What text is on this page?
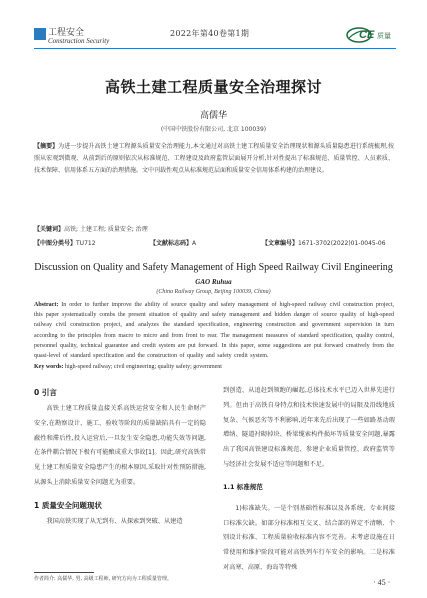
工程安全
Construction Security
2022年第40卷第1期	CE 质量
高铁土建工程质量安全治理探讨
高儒华
(中国中铁股份有限公司, 北京 100039)
【摘要】为进一步提升高铁土建工程源头质量安全治理能力,本文通过对高铁土建工程质量安全治理现状和源头质量隐患进行系统梳理,按照从宏观到微观、从前到后的原则依次从标准规范、工程建设及政府监管层面展开分析,针对性提出了标准规范、质量管控、人员素质、技术保障、信用体系五方面的治理措施。文中刊载性观点从标准规范层面和质量安全信用体系构建的治理建议。
【关键词】高铁; 土建工程; 质量安全; 治理
【中图分类号】TU712	【文献标志码】A	【文章编号】1671-3702(2022)01-0045-06
Discussion on Quality and Safety Management of High Speed Railway Civil Engineering
GAO Ruhua
(China Railway Group, Beijing 100039, China)
Abstract: In order to further improve the ability of source quality and safety management of high-speed railway civil construction project, this paper systematically combs the present situation of quality and safety management and hidden danger of source quality of high-speed railway civil construction project, and analyzes the standard specification, engineering construction and government supervision in turn according to the principles from macro to micro and from front to rear. The management measures of standard specification, quality control, personnel quality, technical guarantee and credit system are put forward. In this paper, some suggestions are put forward creatively from the quasi-level of standard specification and the construction of quality and safety credit system.
Key words: high-speed railway; civil engineering; quality safety; government

0 引言

高铁土建工程质量直接关系高铁运营安全和人民生命财产安全,在勘察设计、施工、验收等阶段的质量缺陷具有一定的隐蔽性和滞后性,投入运营后,一旦发生安全隐患,功能失效等问题,在条件耦合情况下极有可能酿成重大事故[1]。因此,研究高铁常见土建工程质量安全隐患产生的根本原因,采取针对性预防措施,从源头上消除质量安全问题尤为重要。

1 质量安全问题现状

我国高铁实现了从无到有、从探索到突破、从建造

到创造、从追赶到领跑的崛起,总体技术水平已迈入世界先进行列。但由于高铁自身特点和技术快速发展中的局限及沿线地质复杂、气候恶劣等不利影响,近年来先后出现了一些如路基动瑕增纳、隧道衬砌掉块、桥梁缆索构件损坏等质量安全问题,暴露出了我国高铁建设标准规范、参建企业质量管控、政府监管等与经济社会发展不适应等问题和不足。

1.1 标准规范

1)标准缺失。一是个别基础性标准以及各系统、专业间接口标准欠缺。如部分标准相互交叉、结合部的界定不清晰、个别设计标准、工程质量验收标准内容不完善。未考虑设施在日常使用和维护阶段可能对高铁列车行车安全的影响。二是标准对高寒、高原、海岛等特殊

作者简介: 高儒华, 男, 高级工程师, 研究方向为工程质量管理。	· 45 ·
